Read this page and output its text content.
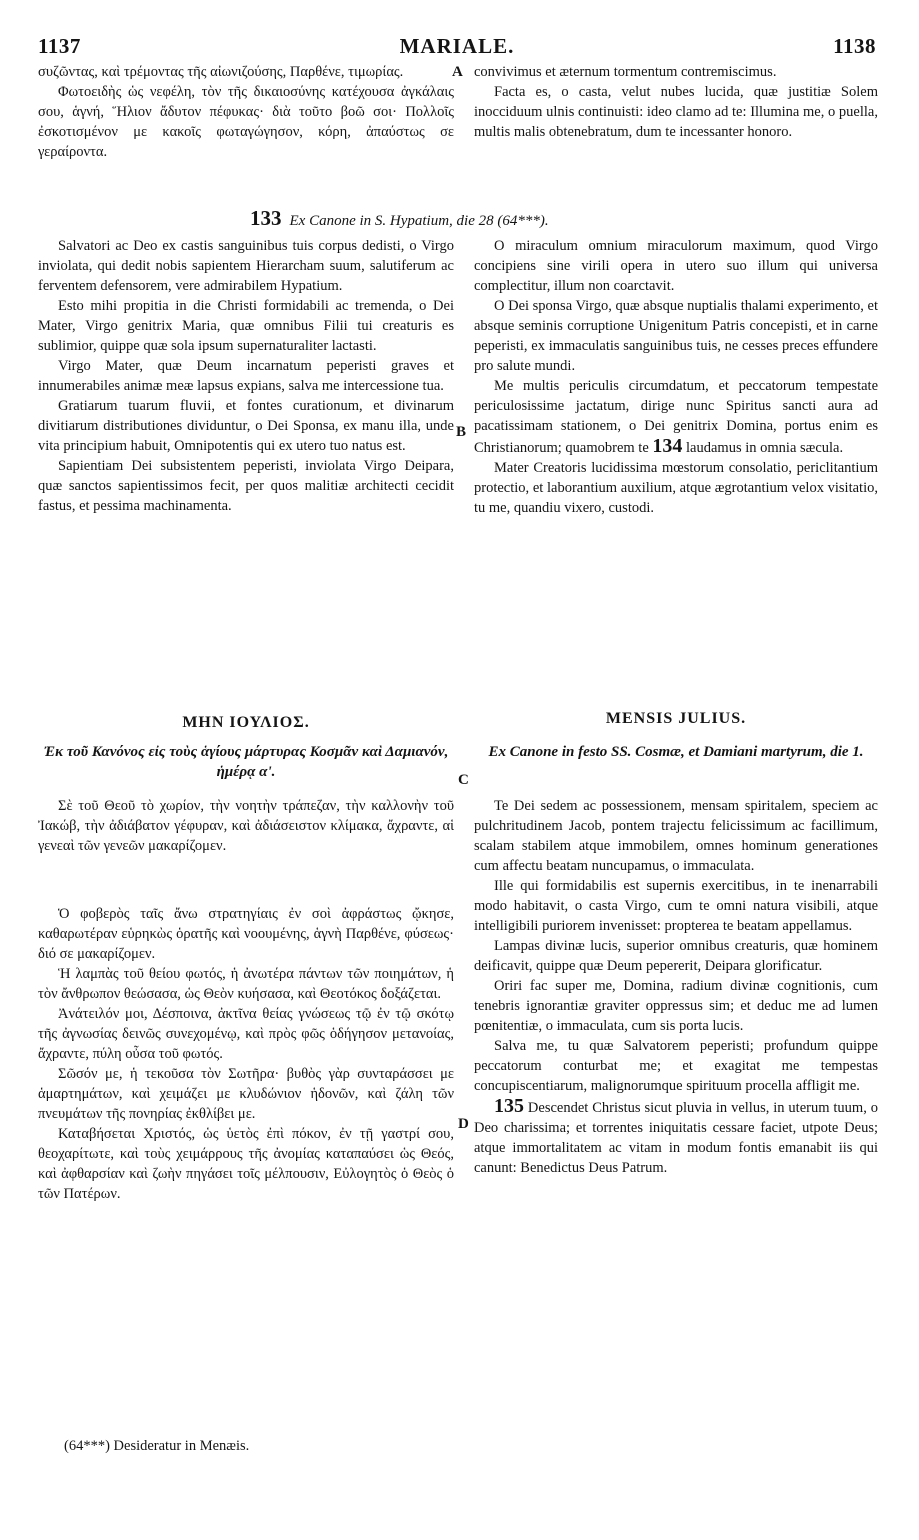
1137	MARIALE.	1138

συζῶντας, καὶ τρέμοντας τῆς αἰωνιζούσης, Παρθένε, τιμωρίας.

Φωτοειδὴς ὡς νεφέλη, τὸν τῆς δικαιοσύνης κατέχουσα ἀγκάλαις σου, ἁγνή, Ἥλιον ἄδυτον πέφυκας· διὰ τοῦτο βοῶ σοι· Πολλοῖς ἐσκοτισμένον με κακοῖς φωταγώγησον, κόρη, ἀπαύστως σε γεραίροντα.

convivimus et æternum tormentum contremiscimus.

Facta es, o casta, velut nubes lucida, quæ justitiæ Solem inocciduum ulnis continuisti: ideo clamo ad te: Illumina me, o puella, multis malis obtenebratum, dum te incessanter honoro.

133 Ex Canone in S. Hypatium, die 28 (64***).

Salvatori ac Deo ex castis sanguinibus tuis corpus dedisti, o Virgo inviolata, qui dedit nobis sapientem Hierarcham suum, salutiferum ac ferventem defensorem, vere admirabilem Hypatium.

Esto mihi propitia in die Christi formidabili ac tremenda, o Dei Mater, Virgo genitrix Maria, quæ omnibus Filii tui creaturis es sublimior, quippe quæ sola ipsum supernaturaliter lactasti.

Virgo Mater, quæ Deum incarnatum peperisti graves et innumerabiles animæ meæ lapsus expians, salva me intercessione tua.

Gratiarum tuarum fluvii, et fontes curationum, et divinarum divitiarum distributiones dividuntur, o Dei Sponsa, ex manu illa, unde vita principium habuit, Omnipotentis qui ex utero tuo natus est.

Sapientiam Dei subsistentem peperisti, inviolata Virgo Deipara, quæ sanctos sapientissimos fecit, per quos malitiæ architecti cecidit fastus, et pessima machinamenta.

O miraculum omnium miraculorum maximum, quod Virgo concipiens sine virili opera in utero suo illum qui universa complectitur, illum non coarctavit.

O Dei sponsa Virgo, quæ absque nuptialis thalami experimento, et absque seminis corruptione Unigenitum Patris concepisti, et in carne peperisti, ex immaculatis sanguinibus tuis, ne cesses preces effundere pro salute mundi.

Me multis periculis circumdatum, et peccatorum tempestate periculosissime jactatum, dirige nunc Spiritus sancti aura ad pacatissimam stationem, o Dei genitrix Domina, portus enim es Christianorum; quamobrem te 134 laudamus in omnia sæcula.

Mater Creatoris lucidissima mœstorum consolatio, periclitantium protectio, et laborantium auxilium, atque ægrotantium velox visitatio, tu me, quandiu vixero, custodi.

ΜΗΝ ΙΟΥΛΙΟΣ.	MENSIS JULIUS.
Ἐκ τοῦ Κανόνος εἰς τοὺς ἁγίους μάρτυρας Κοσμᾶν καὶ Δαμιανόν, ἡμέρᾳ αʹ.
Ex Canone in festo SS. Cosmæ, et Damiani martyrum, die 1.

Σὲ τοῦ Θεοῦ τὸ χωρίον, τὴν νοητὴν τράπεζαν, τὴν καλλονὴν τοῦ Ἰακώβ, τὴν ἀδιάβατον γέφυραν, καὶ ἀδιάσειστον κλίμακα, ἄχραντε, αἱ γενεαὶ τῶν γενεῶν μακαρίζομεν.

Ὁ φοβερὸς ταῖς ἄνω στρατηγίαις ἐν σοὶ ἀφράστως ᾤκησε, καθαρωτέραν εὑρηκὼς ὁρατῆς καὶ νοουμένης, ἁγνὴ Παρθένε, φύσεως· διό σε μακαρίζομεν.

Ἡ λαμπὰς τοῦ θείου φωτός, ἡ ἀνωτέρα πάντων τῶν ποιημάτων, ἡ τὸν ἄνθρωπον θεώσασα, ὡς Θεὸν κυήσασα, καὶ Θεοτόκος δοξάζεται.

Ἀνάτειλόν μοι, Δέσποινα, ἀκτῖνα θείας γνώσεως τῷ ἐν τῷ σκότῳ τῆς ἀγνωσίας δεινῶς συνεχομένῳ, καὶ πρὸς φῶς ὁδήγησον μετανοίας, ἄχραντε, πύλη οὖσα τοῦ φωτός.

Σῶσόν με, ἡ τεκοῦσα τὸν Σωτῆρα· βυθὸς γὰρ συνταράσσει με ἁμαρτημάτων, καὶ χειμάζει με κλυδώνιον ἡδονῶν, καὶ ζάλη τῶν πνευμάτων τῆς πονηρίας ἐκθλίβει με.

Καταβήσεται Χριστός, ὡς ὑετὸς ἐπὶ πόκον, ἐν τῇ γαστρί σου, θεοχαρίτωτε, καὶ τοὺς χειμάρρους τῆς ἀνομίας καταπαύσει ὡς Θεός, καὶ ἀφθαρσίαν καὶ ζωὴν πηγάσει τοῖς μέλπουσιν, Εὐλογητὸς ὁ Θεὸς ὁ τῶν Πατέρων.

Te Dei sedem ac possessionem, mensam spiritalem, speciem ac pulchritudinem Jacob, pontem trajectu felicissimum ac facillimum, scalam stabilem atque immobilem, omnes hominum generationes cum affectu beatam nuncupamus, o immaculata.

Ille qui formidabilis est supernis exercitibus, in te inenarrabili modo habitavit, o casta Virgo, cum te omni natura visibili, atque intelligibili puriorem invenisset: propterea te beatam appellamus.

Lampas divinæ lucis, superior omnibus creaturis, quæ hominem deificavit, quippe quæ Deum pepererit, Deipara glorificatur.

Oriri fac super me, Domina, radium divinæ cognitionis, cum tenebris ignorantiæ graviter oppressus sim; et deduc me ad lumen pœnitentiæ, o immaculata, cum sis porta lucis.

Salva me, tu quæ Salvatorem peperisti; profundum quippe peccatorum conturbat me; et exagitat me tempestas concupiscentiarum, malignorumque spirituum procella affligit me.

135 Descendet Christus sicut pluvia in vellus, in uterum tuum, o Deo charissima; et torrentes iniquitatis cessare faciet, utpote Deus; atque immortalitatem ac vitam in modum fontis emanabit iis qui canunt: Benedictus Deus Patrum.

A
B
C
D
(64***) Desideratur in Menæis.
